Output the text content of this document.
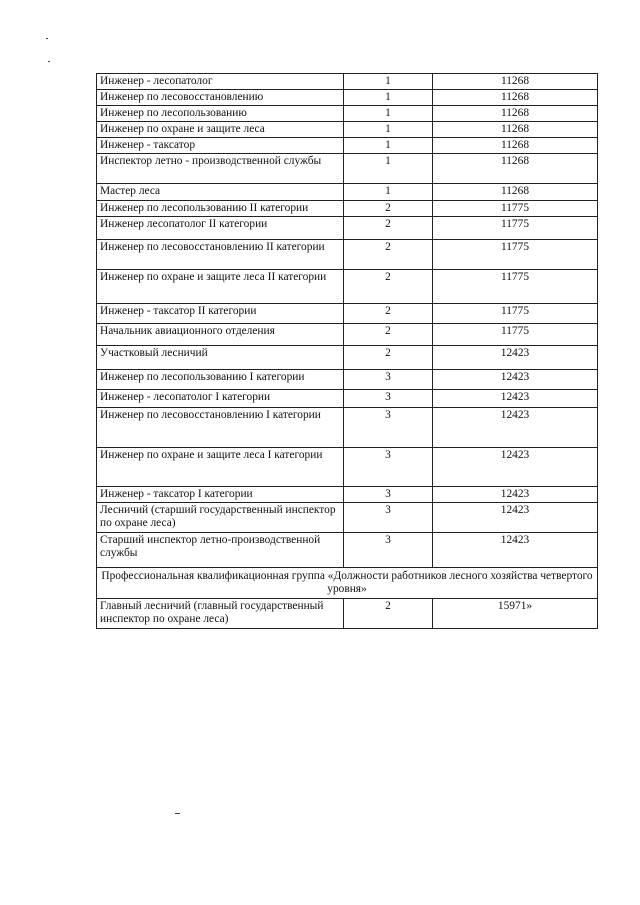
Инженер - лесопатолог	1	11268
Инженер по лесовосстановлению	1	11268
Инженер по лесопользованию	1	11268
Инженер по охране и защите леса	1	11268
Инженер - таксатор	1	11268
Инспектор летно - производственной службы	1	11268
Мастер леса	1	11268
Инженер по лесопользованию II категории	2	11775
Инженер лесопатолог II категории	2	11775
Инженер по лесовосстановлению II категории	2	11775
Инженер по охране и защите леса II категории	2	11775
Инженер - таксатор II категории	2	11775
Начальник авиационного отделения	2	11775
Участковый лесничий	2	12423
Инженер по лесопользованию I категории	3	12423
Инженер - лесопатолог I категории	3	12423
Инженер по лесовосстановлению I категории	3	12423
Инженер по охране и защите леса I категории	3	12423
Инженер - таксатор I категории	3	12423
Лесничий (старший государственный инспектор по охране леса)	3	12423
Старший инспектор летно-производственной службы	3	12423
Профессиональная квалификационная группа «Должности работников лесного хозяйства четвертого уровня»		
Главный лесничий (главный государственный инспектор по охране леса)	2	15971»
